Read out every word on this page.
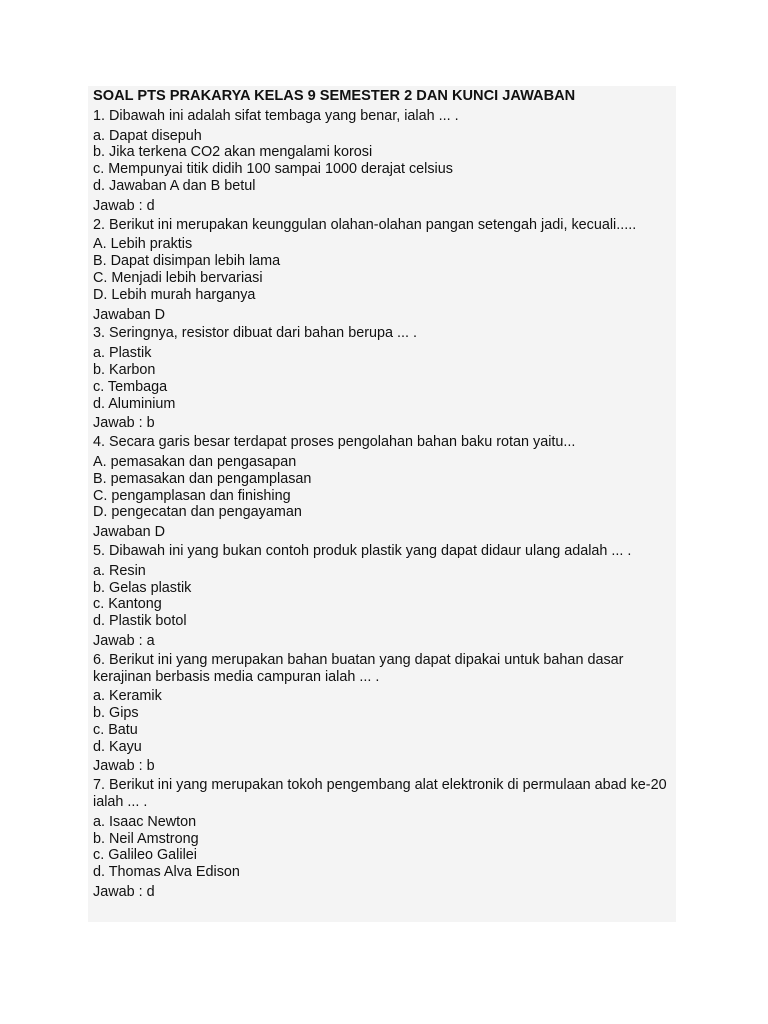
SOAL PTS PRAKARYA KELAS 9 SEMESTER 2 DAN KUNCI JAWABAN
1. Dibawah ini adalah sifat tembaga yang benar, ialah ... .
a. Dapat disepuh
b. Jika terkena CO2 akan mengalami korosi
c. Mempunyai titik didih 100 sampai 1000 derajat celsius
d. Jawaban A dan B betul
Jawab : d
2. Berikut ini merupakan keunggulan olahan-olahan pangan setengah jadi, kecuali.....
A. Lebih praktis
B. Dapat disimpan lebih lama
C. Menjadi lebih bervariasi
D. Lebih murah harganya
Jawaban D
3. Seringnya, resistor dibuat dari bahan berupa ... .
a. Plastik
b. Karbon
c. Tembaga
d. Aluminium
Jawab : b
4. Secara garis besar terdapat proses pengolahan bahan baku rotan yaitu...
A. pemasakan dan pengasapan
B. pemasakan dan pengamplasan
C. pengamplasan dan finishing
D. pengecatan dan pengayaman
Jawaban D
5. Dibawah ini yang bukan contoh produk plastik yang dapat didaur ulang adalah ... .
a. Resin
b. Gelas plastik
c. Kantong
d. Plastik botol
Jawab : a
6. Berikut ini yang merupakan bahan buatan yang dapat dipakai untuk bahan dasar kerajinan berbasis media campuran ialah ... .
a. Keramik
b. Gips
c. Batu
d. Kayu
Jawab : b
7. Berikut ini yang merupakan tokoh pengembang alat elektronik di permulaan abad ke-20 ialah ... .
a. Isaac Newton
b. Neil Amstrong
c. Galileo Galilei
d. Thomas Alva Edison
Jawab : d
